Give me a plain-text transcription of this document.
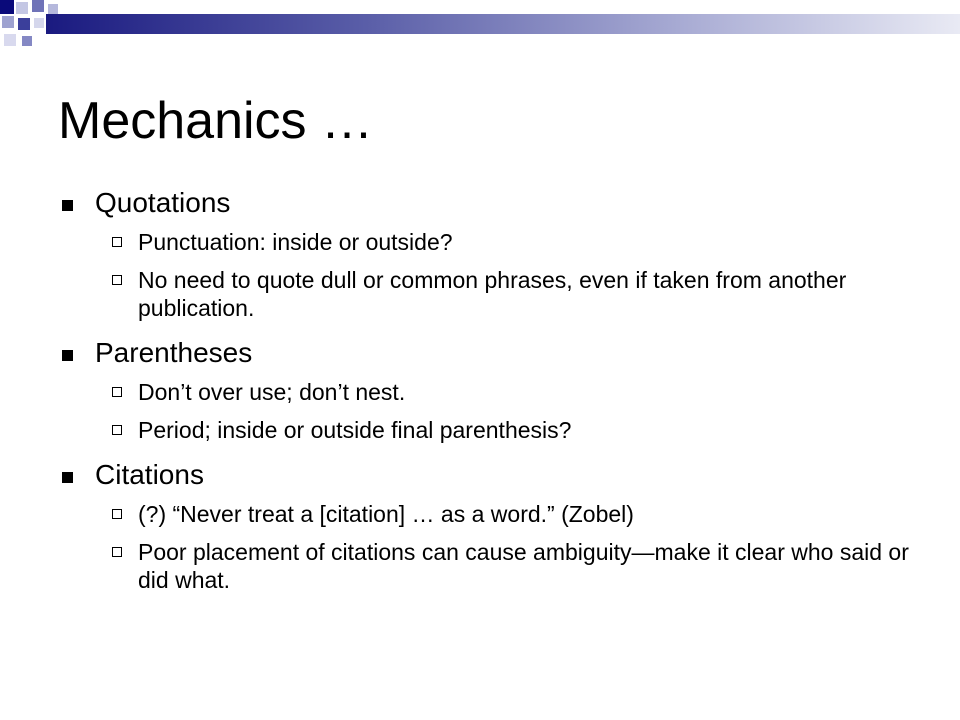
Mechanics …
Quotations
Punctuation: inside or outside?
No need to quote dull or common phrases, even if taken from another publication.
Parentheses
Don’t over use; don’t nest.
Period; inside or outside final parenthesis?
Citations
(?) “Never treat a [citation] … as a word.” (Zobel)
Poor placement of citations can cause ambiguity—make it clear who said or did what.
